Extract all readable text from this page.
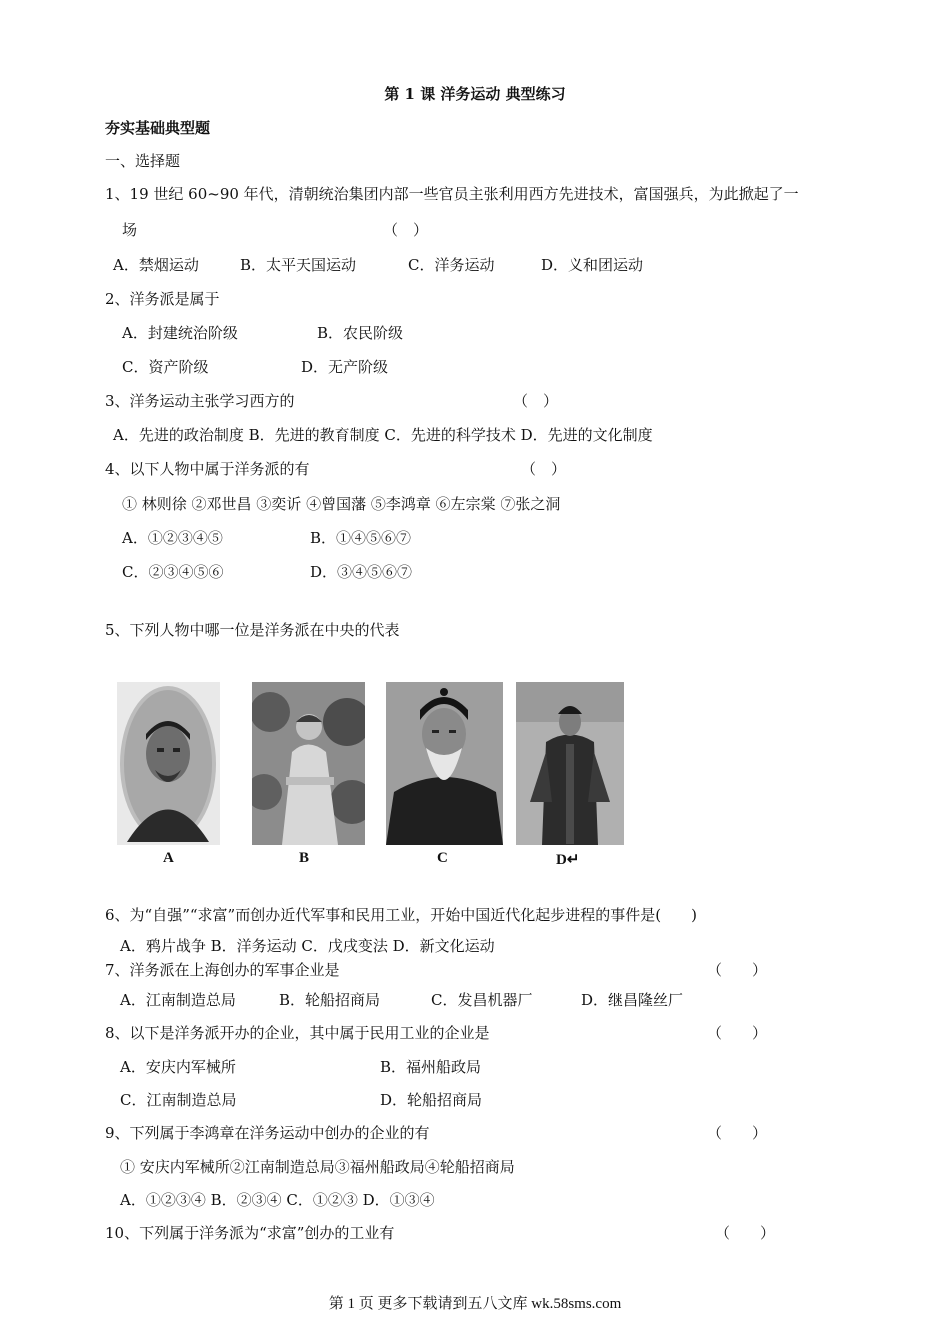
第 1 课 洋务运动 典型练习
夯实基础典型题
一、选择题
1、19 世纪 60~90 年代，清朝统治集团内部一些官员主张利用西方先进技术，富国强兵，为此掀起了一
场	（　）
A．禁烟运动	B．太平天国运动	C．洋务运动	D．义和团运动
2、洋务派是属于
A．封建统治阶级	B．农民阶级
C．资产阶级	D．无产阶级
3、洋务运动主张学习西方的	（　）
A．先进的政治制度 B．先进的教育制度 C．先进的科学技术 D．先进的文化制度
4、以下人物中属于洋务派的有	（　）
① 林则徐 ②邓世昌 ③奕䜣 ④曾国藩 ⑤李鸿章 ⑥左宗棠 ⑦张之洞
A．①②③④⑤	B．①④⑤⑥⑦
C．②③④⑤⑥	D．③④⑤⑥⑦
5、下列人物中哪一位是洋务派在中央的代表
A	B	C	D↵
6、为“自强”“求富”而创办近代军事和民用工业，开始中国近代化起步进程的事件是(　　)
A．鸦片战争 B．洋务运动 C．戊戌变法 D．新文化运动
7、洋务派在上海创办的军事企业是	（　　）
A．江南制造总局	B．轮船招商局	C．发昌机器厂	D．继昌隆丝厂
8、以下是洋务派开办的企业，其中属于民用工业的企业是	（　　）
A．安庆内军械所	B．福州船政局
C．江南制造总局	D．轮船招商局
9、下列属于李鸿章在洋务运动中创办的企业的有	（　　）
① 安庆内军械所②江南制造总局③福州船政局④轮船招商局
A．①②③④ B．②③④ C．①②③ D．①③④
10、下列属于洋务派为“求富”创办的工业有	（　　）
第 1 页 更多下载请到五八文库 wk.58sms.com
